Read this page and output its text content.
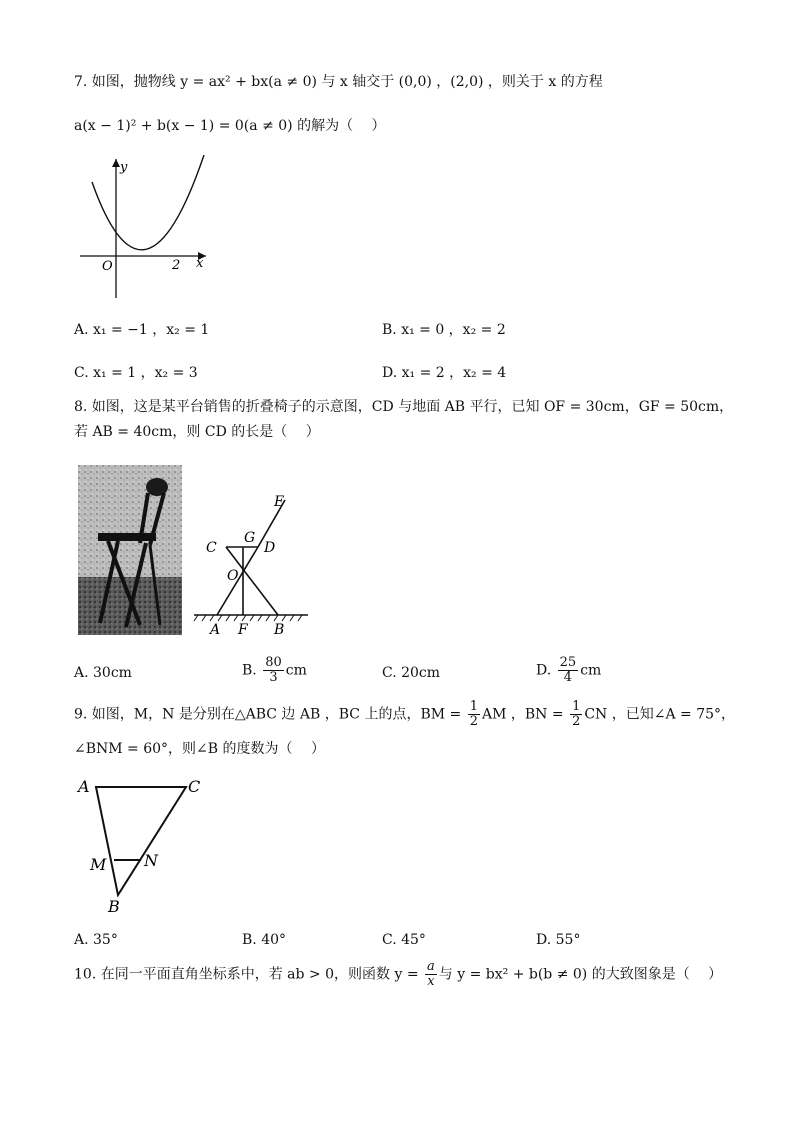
7. 如图，抛物线 y = ax² + bx(a ≠ 0) 与 x 轴交于 (0,0) ，(2,0) ，则关于 x 的方程
a(x − 1)² + b(x − 1) = 0(a ≠ 0) 的解为（　 ）
y
x
O	2
A. x₁ = −1 ，x₂ = 1	B. x₁ = 0 ，x₂ = 2
C. x₁ = 1 ，x₂ = 3	D. x₁ = 2 ，x₂ = 4
8. 如图，这是某平台销售的折叠椅子的示意图，CD 与地面 AB 平行，已知 OF = 30cm，GF = 50cm，
若 AB = 40cm，则 CD 的长是（　 ）
E
C
G
D
O
A F B
A. 30cm	B. $\frac{80}{3}$ cm	C. 20cm	D. $\frac{25}{4}$ cm
9. 如图，M，N 是分别在△ABC 边 AB ，BC 上的点，BM = $\frac{1}{2}$ AM ，BN = $\frac{1}{2}$ CN ，已知∠A = 75°，
∠BNM = 60°，则∠B 的度数为（　 ）
A	C
M N
B
A. 35°	B. 40°	C. 45°	D. 55°
10. 在同一平面直角坐标系中，若 ab > 0，则函数 $y = \frac{a}{x}$ 与 y = bx² + b(b ≠ 0) 的大致图象是（　 ）
